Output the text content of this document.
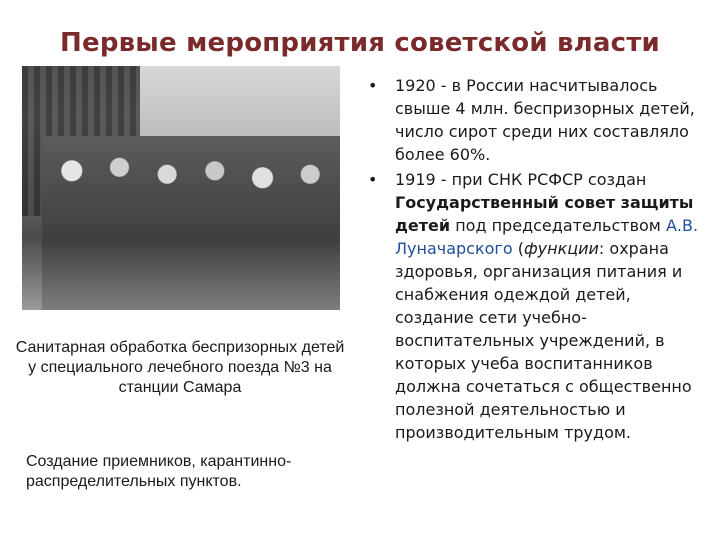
Первые мероприятия советской власти
Санитарная обработка беспризорных детей у специального лечебного поезда №3 на станции Самара
Создание приемников, карантинно-распределительных пунктов.
• 1920 - в России насчитывалось свыше 4 млн. беспризорных детей, число сирот среди них составляло более 60%.
• 1919 - при СНК РСФСР создан Государственный совет защиты детей под председательством А.В. Луначарского (функции: охрана здоровья, организация питания и снабжения одеждой детей, создание сети учебно-воспитательных учреждений, в которых учеба воспитанников должна сочетаться с общественно полезной деятельностью и производительным трудом.
